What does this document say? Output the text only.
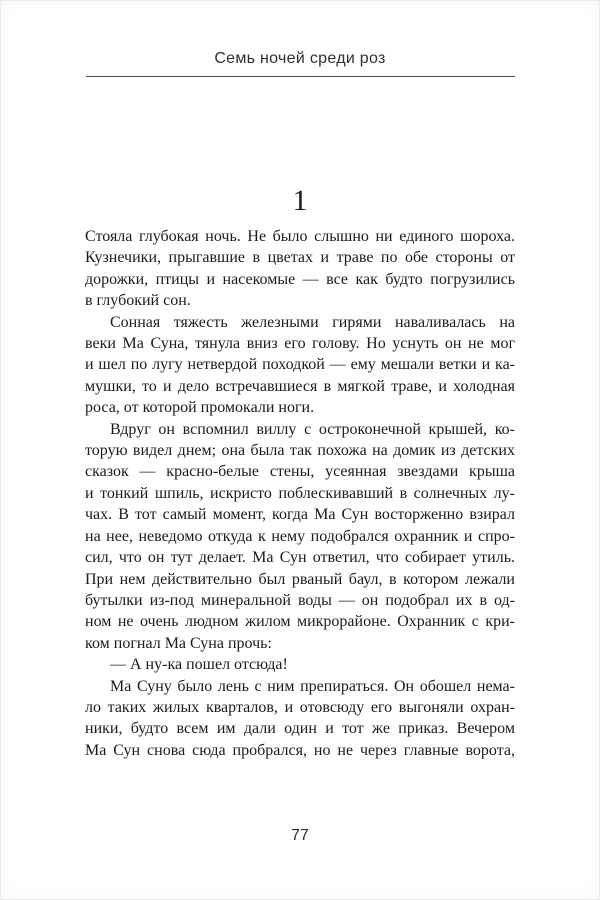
Семь ночей среди роз
1
Стояла глубокая ночь. Не было слышно ни единого шороха.
Кузнечики, прыгавшие в цветах и траве по обе стороны от
дорожки, птицы и насекомые — все как будто погрузились
в глубокий сон.
Сонная тяжесть железными гирями наваливалась на
веки Ма Суна, тянула вниз его голову. Но уснуть он не мог
и шел по лугу нетвердой походкой — ему мешали ветки и ка-
мушки, то и дело встречавшиеся в мягкой траве, и холодная
роса, от которой промокали ноги.
Вдруг он вспомнил виллу с остроконечной крышей, ко-
торую видел днем; она была так похожа на домик из детских
сказок — красно-белые стены, усеянная звездами крыша
и тонкий шпиль, искристо поблескивавший в солнечных лу-
чах. В тот самый момент, когда Ма Сун восторженно взирал
на нее, неведомо откуда к нему подобрался охранник и спро-
сил, что он тут делает. Ма Сун ответил, что собирает утиль.
При нем действительно был рваный баул, в котором лежали
бутылки из-под минеральной воды — он подобрал их в од-
ном не очень людном жилом микрорайоне. Охранник с кри-
ком погнал Ма Суна прочь:
— А ну-ка пошел отсюда!
Ма Суну было лень с ним препираться. Он обошел нема-
ло таких жилых кварталов, и отовсюду его выгоняли охран-
ники, будто всем им дали один и тот же приказ. Вечером
Ма Сун снова сюда пробрался, но не через главные ворота,
77
